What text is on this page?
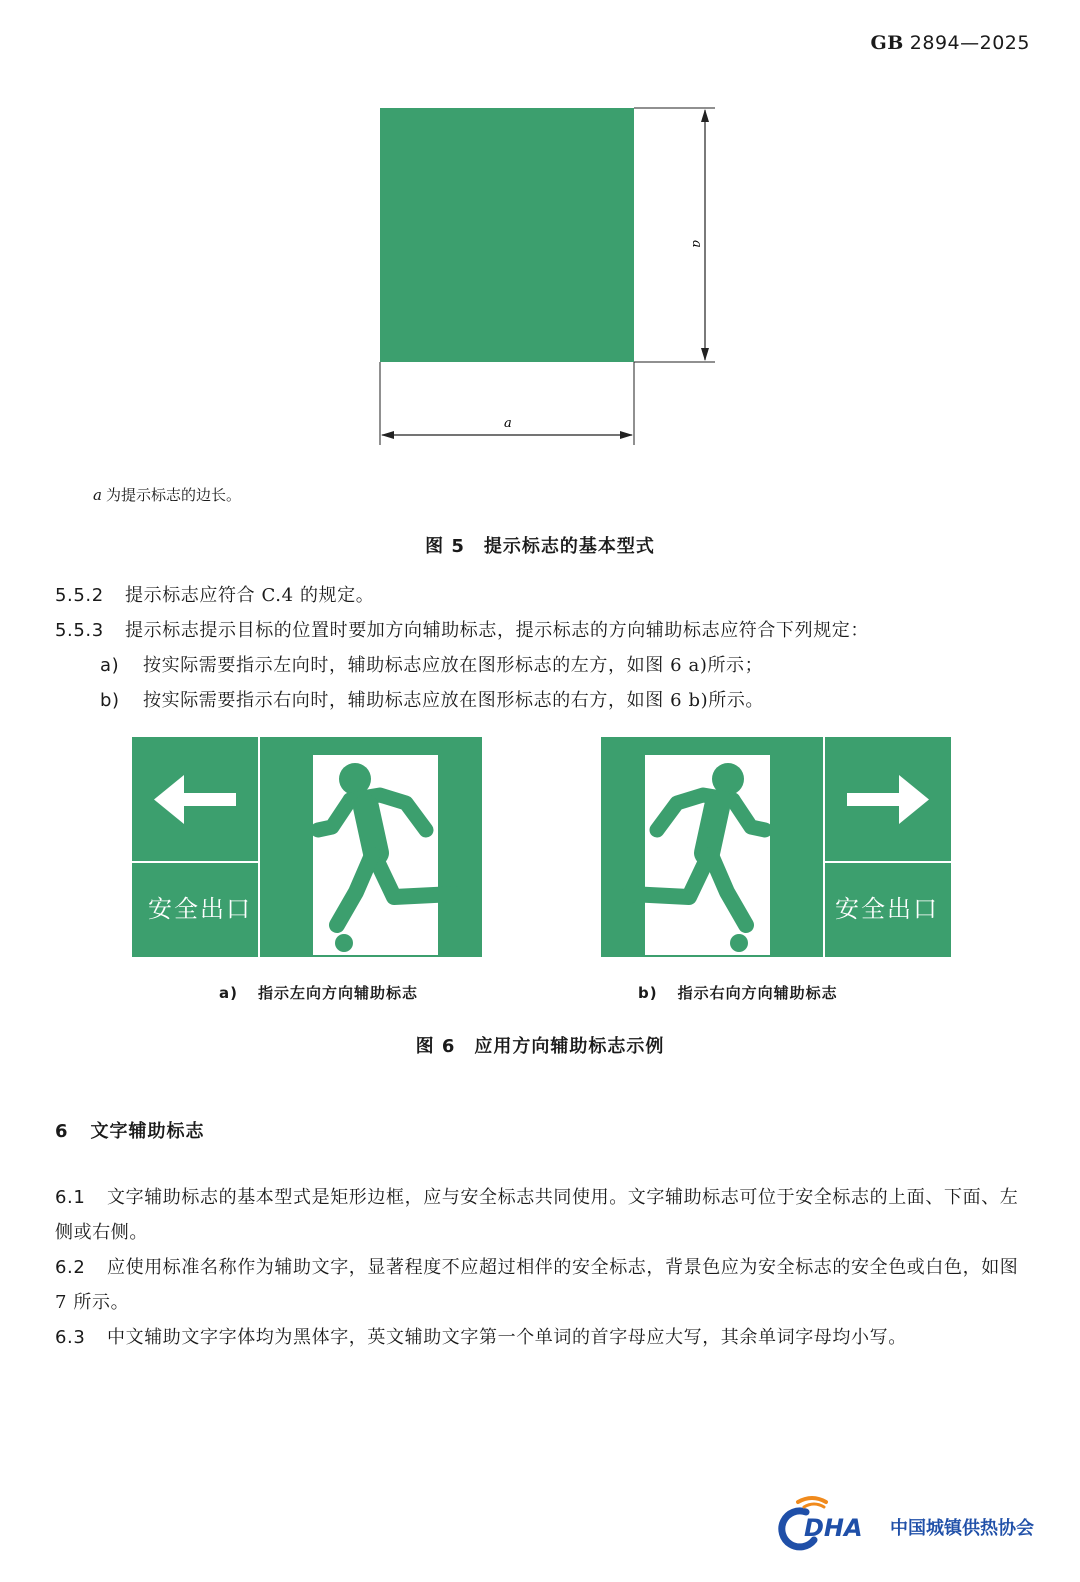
GB 2894—2025
a
a
a 为提示标志的边长。
图 5　提示标志的基本型式
5.5.2 提示标志应符合 C.4 的规定。
5.5.3 提示标志提示目标的位置时要加方向辅助标志，提示标志的方向辅助标志应符合下列规定：
a) 按实际需要指示左向时，辅助标志应放在图形标志的左方，如图 6 a)所示；
b) 按实际需要指示右向时，辅助标志应放在图形标志的右方，如图 6 b)所示。
安全出口	安全出口
a) 指示左向方向辅助标志	b) 指示右向方向辅助标志
图 6　应用方向辅助标志示例
6 文字辅助标志
6.1 文字辅助标志的基本型式是矩形边框，应与安全标志共同使用。文字辅助标志可位于安全标志的上面、下面、左侧或右侧。
6.2 应使用标准名称作为辅助文字，显著程度不应超过相伴的安全标志，背景色应为安全标志的安全色或白色，如图 7 所示。
6.3 中文辅助文字字体均为黑体字，英文辅助文字第一个单词的首字母应大写，其余单词字母均小写。
DHA 中国城镇供热协会
